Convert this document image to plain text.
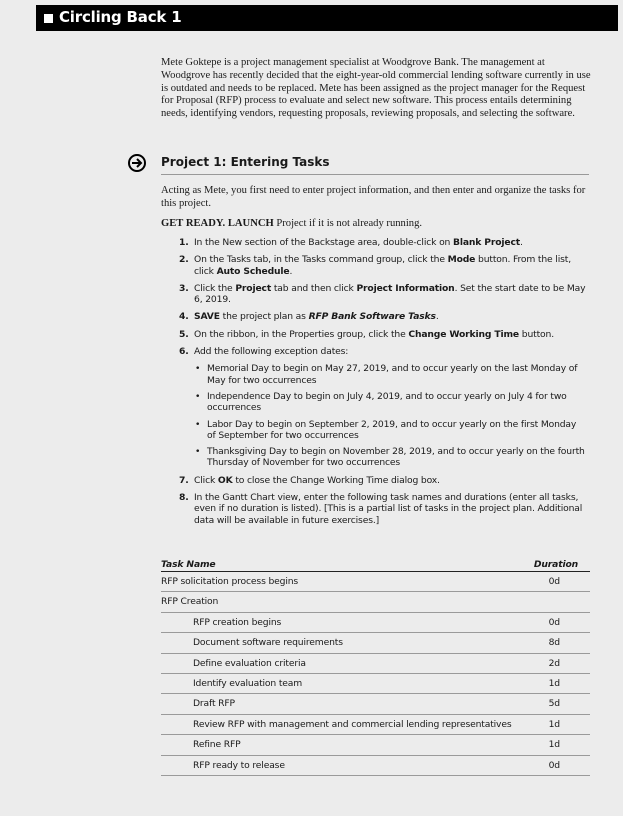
Circling Back 1
Mete Goktepe is a project management specialist at Woodgrove Bank. The management at Woodgrove has recently decided that the eight-year-old commercial lending software currently in use is outdated and needs to be replaced. Mete has been assigned as the project manager for the Request for Proposal (RFP) process to evaluate and select new software. This process entails determining needs, identifying vendors, requesting proposals, reviewing proposals, and selecting the software.
Project 1: Entering Tasks
Acting as Mete, you first need to enter project information, and then enter and organize the tasks for this project.
GET READY. LAUNCH Project if it is not already running.
1. In the New section of the Backstage area, double-click on Blank Project.
2. On the Tasks tab, in the Tasks command group, click the Mode button. From the list, click Auto Schedule.
3. Click the Project tab and then click Project Information. Set the start date to be May 6, 2019.
4. SAVE the project plan as RFP Bank Software Tasks.
5. On the ribbon, in the Properties group, click the Change Working Time button.
6. Add the following exception dates:
• Memorial Day to begin on May 27, 2019, and to occur yearly on the last Monday of May for two occurrences
• Independence Day to begin on July 4, 2019, and to occur yearly on July 4 for two occurrences
• Labor Day to begin on September 2, 2019, and to occur yearly on the first Monday of September for two occurrences
• Thanksgiving Day to begin on November 28, 2019, and to occur yearly on the fourth Thursday of November for two occurrences
7. Click OK to close the Change Working Time dialog box.
8. In the Gantt Chart view, enter the following task names and durations (enter all tasks, even if no duration is listed). [This is a partial list of tasks in the project plan. Additional data will be available in future exercises.]
Task Name	Duration
RFP solicitation process begins	0d
RFP Creation
RFP creation begins	0d
Document software requirements	8d
Define evaluation criteria	2d
Identify evaluation team	1d
Draft RFP	5d
Review RFP with management and commercial lending representatives	1d
Refine RFP	1d
RFP ready to release	0d
